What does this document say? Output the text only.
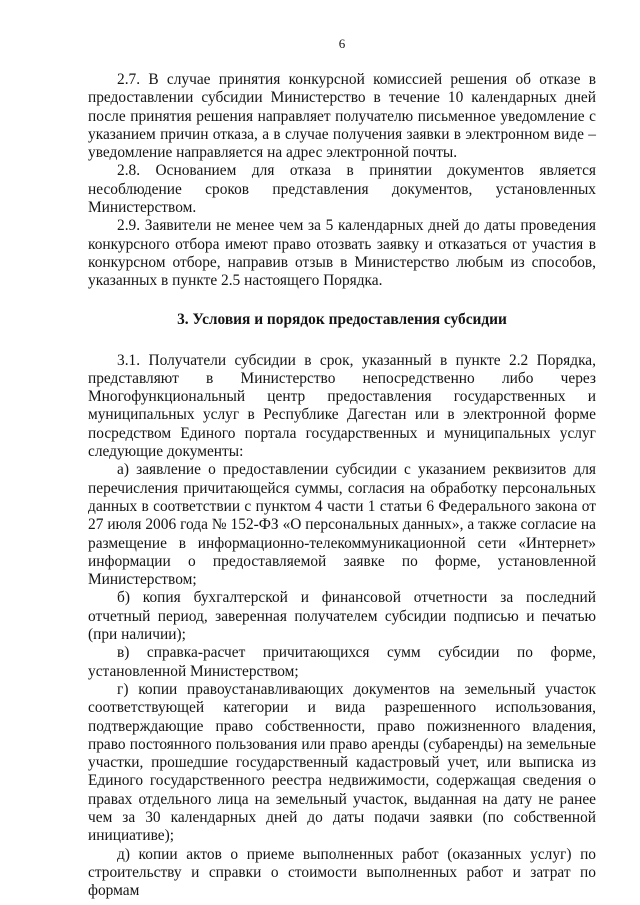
6

2.7. В случае принятия конкурсной комиссией решения об отказе в предоставлении субсидии Министерство в течение 10 календарных дней после принятия решения направляет получателю письменное уведомление с указанием причин отказа, а в случае получения заявки в электронном виде – уведомление направляется на адрес электронной почты.

2.8. Основанием для отказа в принятии документов является несоблюдение сроков представления документов, установленных Министерством.

2.9. Заявители не менее чем за 5 календарных дней до даты проведения конкурсного отбора имеют право отозвать заявку и отказаться от участия в конкурсном отборе, направив отзыв в Министерство любым из способов, указанных в пункте 2.5 настоящего Порядка.

3. Условия и порядок предоставления субсидии

3.1. Получатели субсидии в срок, указанный в пункте 2.2 Порядка, представляют в Министерство непосредственно либо через Многофункциональный центр предоставления государственных и муниципальных услуг в Республике Дагестан или в электронной форме посредством Единого портала государственных и муниципальных услуг следующие документы:

а) заявление о предоставлении субсидии с указанием реквизитов для перечисления причитающейся суммы, согласия на обработку персональных данных в соответствии с пунктом 4 части 1 статьи 6 Федерального закона от 27 июля 2006 года № 152-ФЗ «О персональных данных», а также согласие на размещение в информационно-телекоммуникационной сети «Интернет» информации о предоставляемой заявке по форме, установленной Министерством;

б) копия бухгалтерской и финансовой отчетности за последний отчетный период, заверенная получателем субсидии подписью и печатью (при наличии);

в) справка-расчет причитающихся сумм субсидии по форме, установленной Министерством;

г) копии правоустанавливающих документов на земельный участок соответствующей категории и вида разрешенного использования, подтверждающие право собственности, право пожизненного владения, право постоянного пользования или право аренды (субаренды) на земельные участки, прошедшие государственный кадастровый учет, или выписка из Единого государственного реестра недвижимости, содержащая сведения о правах отдельного лица на земельный участок, выданная на дату не ранее чем за 30 календарных дней до даты подачи заявки (по собственной инициативе);

д) копии актов о приеме выполненных работ (оказанных услуг) по строительству и справки о стоимости выполненных работ и затрат по формам
